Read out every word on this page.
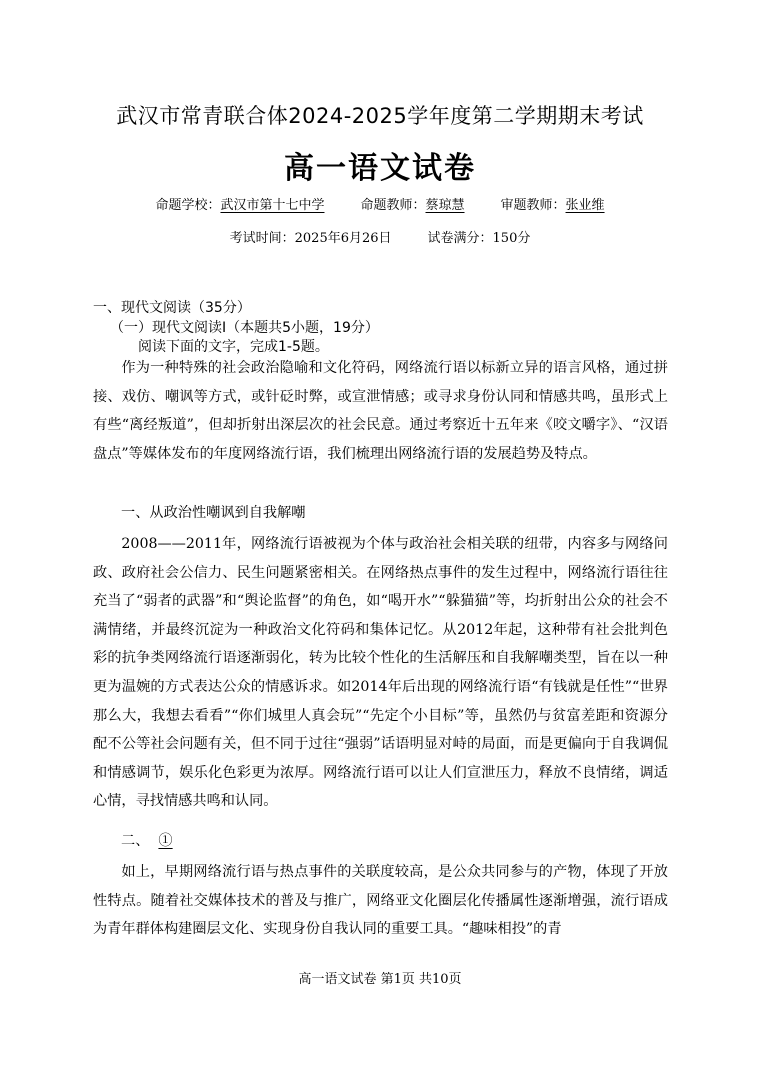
武汉市常青联合体2024-2025学年度第二学期期末考试
高一语文试卷
命题学校：武汉市第十七中学	命题教师：蔡琼慧	审题教师：张业维
考试时间：2025年6月26日	试卷满分：150分
一、现代文阅读（35分）
（一）现代文阅读Ⅰ（本题共5小题，19分）
阅读下面的文字，完成1-5题。

作为一种特殊的社会政治隐喻和文化符码，网络流行语以标新立异的语言风格，通过拼接、戏仿、嘲讽等方式，或针砭时弊，或宣泄情感；或寻求身份认同和情感共鸣，虽形式上有些“离经叛道”，但却折射出深层次的社会民意。通过考察近十五年来《咬文嚼字》、“汉语盘点”等媒体发布的年度网络流行语，我们梳理出网络流行语的发展趋势及特点。

一、从政治性嘲讽到自我解嘲

2008——2011年，网络流行语被视为个体与政治社会相关联的纽带，内容多与网络问政、政府社会公信力、民生问题紧密相关。在网络热点事件的发生过程中，网络流行语往往充当了“弱者的武器”和“舆论监督”的角色，如“喝开水”“躲猫猫”等，均折射出公众的社会不满情绪，并最终沉淀为一种政治文化符码和集体记忆。从2012年起，这种带有社会批判色彩的抗争类网络流行语逐渐弱化，转为比较个性化的生活解压和自我解嘲类型，旨在以一种更为温婉的方式表达公众的情感诉求。如2014年后出现的网络流行语“有钱就是任性”“世界那么大，我想去看看”“你们城里人真会玩”“先定个小目标”等，虽然仍与贫富差距和资源分配不公等社会问题有关，但不同于过往“强弱”话语明显对峙的局面，而是更偏向于自我调侃和情感调节，娱乐化色彩更为浓厚。网络流行语可以让人们宣泄压力，释放不良情绪，调适心情，寻找情感共鸣和认同。

二、 ①

如上，早期网络流行语与热点事件的关联度较高，是公众共同参与的产物，体现了开放性特点。随着社交媒体技术的普及与推广，网络亚文化圈层化传播属性逐渐增强，流行语成为青年群体构建圈层文化、实现身份自我认同的重要工具。“趣味相投”的青

高一语文试卷 第1页 共10页
